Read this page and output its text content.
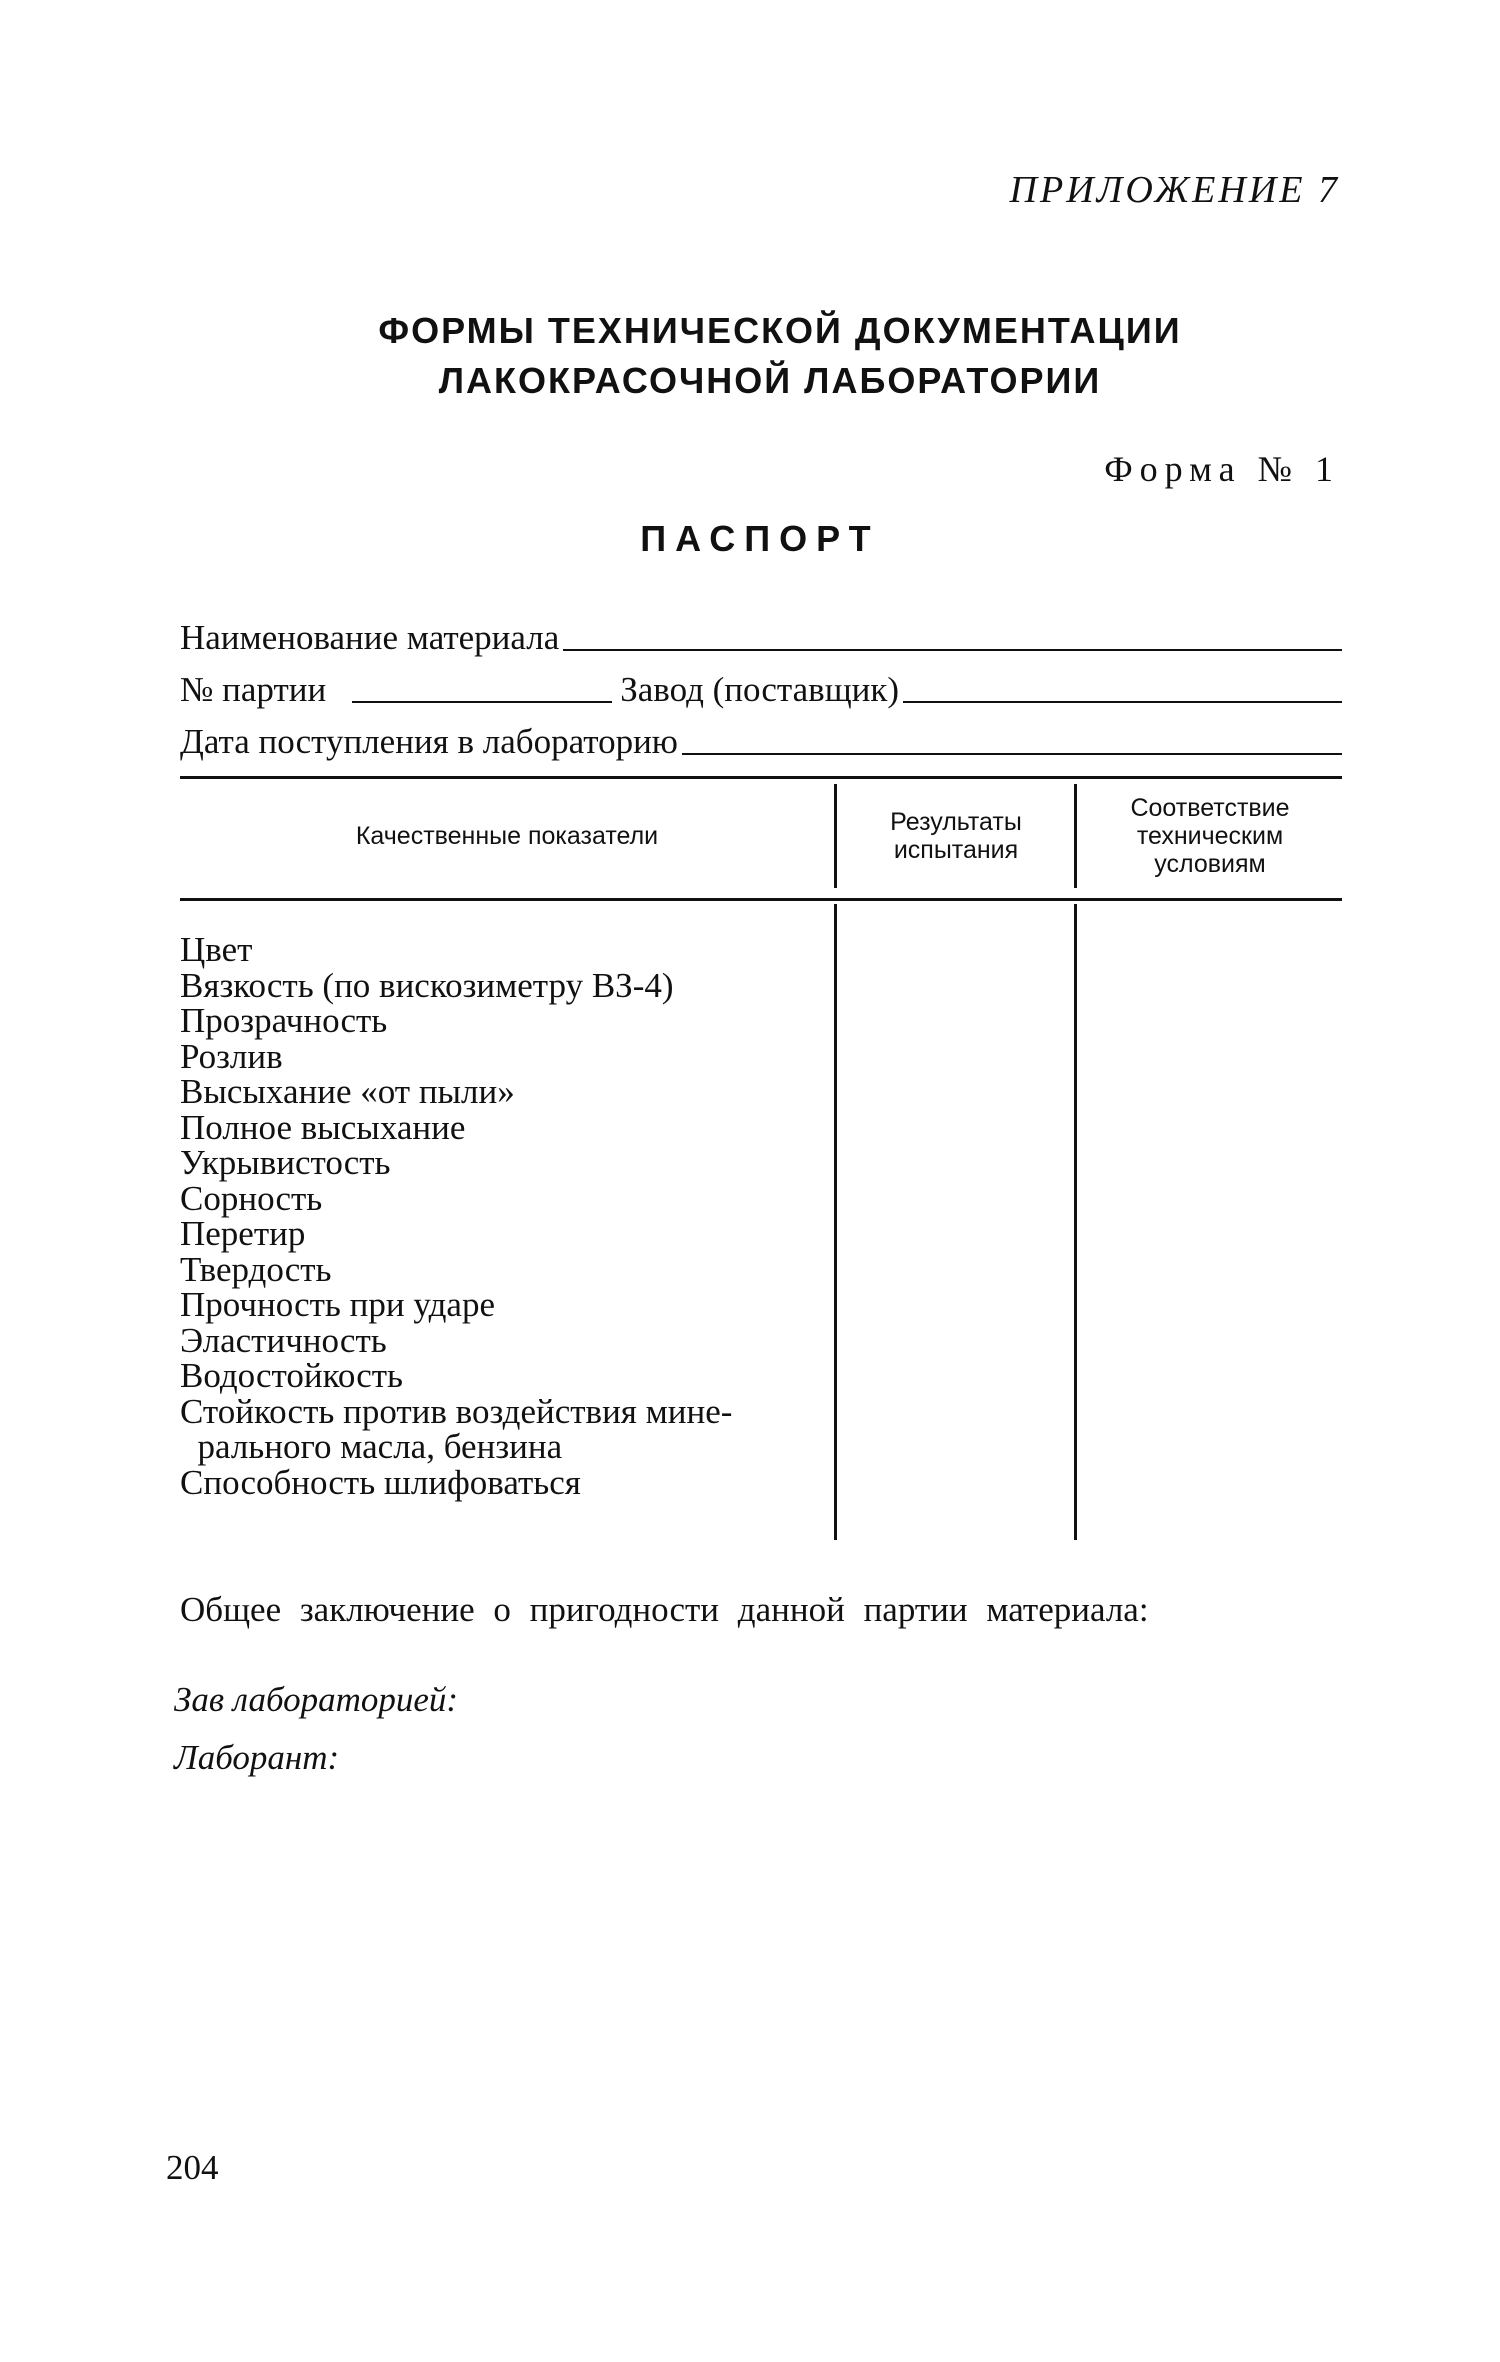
ПРИЛОЖЕНИЕ 7
ФОРМЫ ТЕХНИЧЕСКОЙ ДОКУМЕНТАЦИИ
ЛАКОКРАСОЧНОЙ ЛАБОРАТОРИИ
Форма № 1
ПАСПОРТ
Наименование материала
№ партии	Завод (поставщик)
Дата поступления в лабораторию
Качественные показатели	Результаты
испытания
Соответствие
техническим
условиям
Цвет
Вязкость (по вискозиметру ВЗ-4)
Прозрачность
Розлив
Высыхание «от пыли»
Полное высыхание
Укрывистость
Сорность
Перетир
Твердость
Прочность при ударе
Эластичность
Водостойкость
Стойкость против воздействия мине-
рального масла, бензина
Способность шлифоваться
Общее заключение о пригодности данной партии материала:
Зав лабораторией:
Лаборант:
204
